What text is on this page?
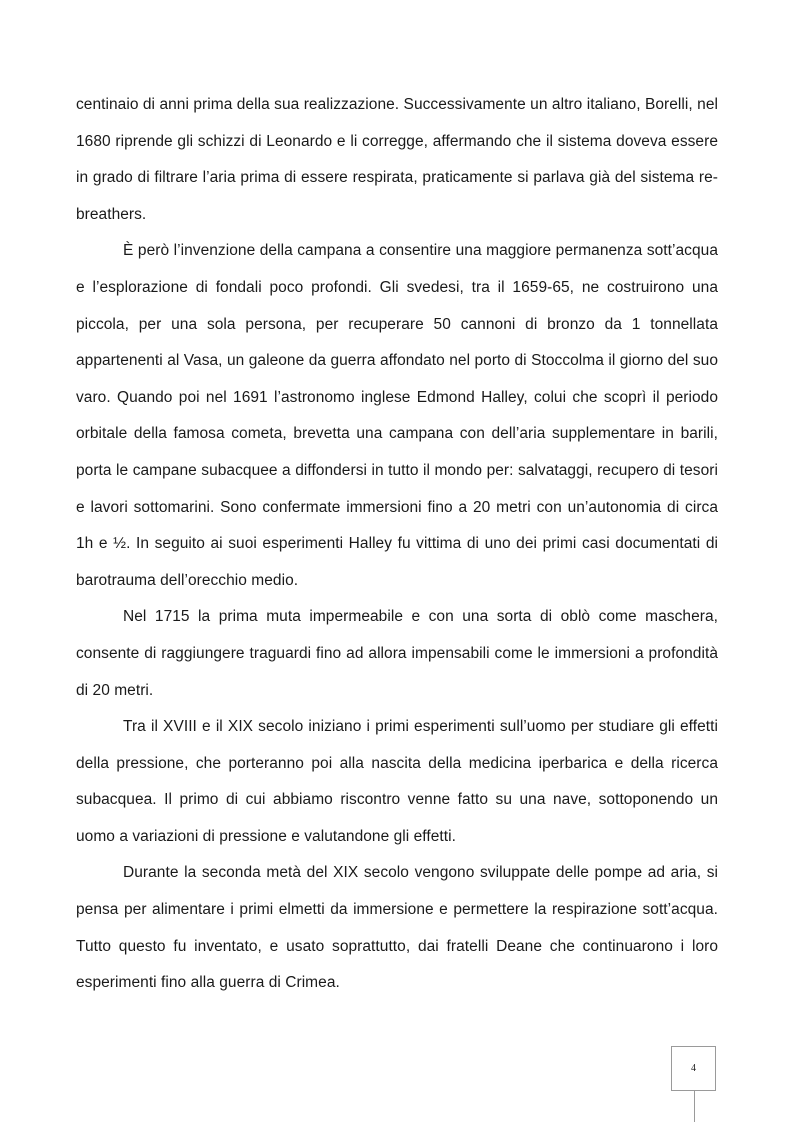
centinaio di anni prima della sua realizzazione. Successivamente un altro italiano, Borelli, nel 1680 riprende gli schizzi di Leonardo e li corregge, affermando che il sistema doveva essere in grado di filtrare l’aria prima di essere respirata, praticamente si parlava già del sistema re-breathers.

È però l’invenzione della campana a consentire una maggiore permanenza sott’acqua e l’esplorazione di fondali poco profondi. Gli svedesi, tra il 1659-65, ne costruirono una piccola, per una sola persona, per recuperare 50 cannoni di bronzo da 1 tonnellata appartenenti al Vasa, un galeone da guerra affondato nel porto di Stoccolma il giorno del suo varo. Quando poi nel 1691 l’astronomo inglese Edmond Halley, colui che scoprì il periodo orbitale della famosa cometa, brevetta una campana con dell’aria supplementare in barili, porta le campane subacquee a diffondersi in tutto il mondo per: salvataggi, recupero di tesori e lavori sottomarini. Sono confermate immersioni fino a 20 metri con un’autonomia di circa 1h e ½. In seguito ai suoi esperimenti Halley fu vittima di uno dei primi casi documentati di barotrauma dell’orecchio medio.

Nel 1715 la prima muta impermeabile e con una sorta di oblò come maschera, consente di raggiungere traguardi fino ad allora impensabili come le immersioni a profondità di 20 metri.

Tra il XVIII e il XIX secolo iniziano i primi esperimenti sull’uomo per studiare gli effetti della pressione, che porteranno poi alla nascita della medicina iperbarica e della ricerca subacquea. Il primo di cui abbiamo riscontro venne fatto su una nave, sottoponendo un uomo a variazioni di pressione e valutandone gli effetti.

Durante la seconda metà del XIX secolo vengono sviluppate delle pompe ad aria, si pensa per alimentare i primi elmetti da immersione e permettere la respirazione sott’acqua. Tutto questo fu inventato, e usato soprattutto, dai fratelli Deane che continuarono i loro esperimenti fino alla guerra di Crimea.

4
